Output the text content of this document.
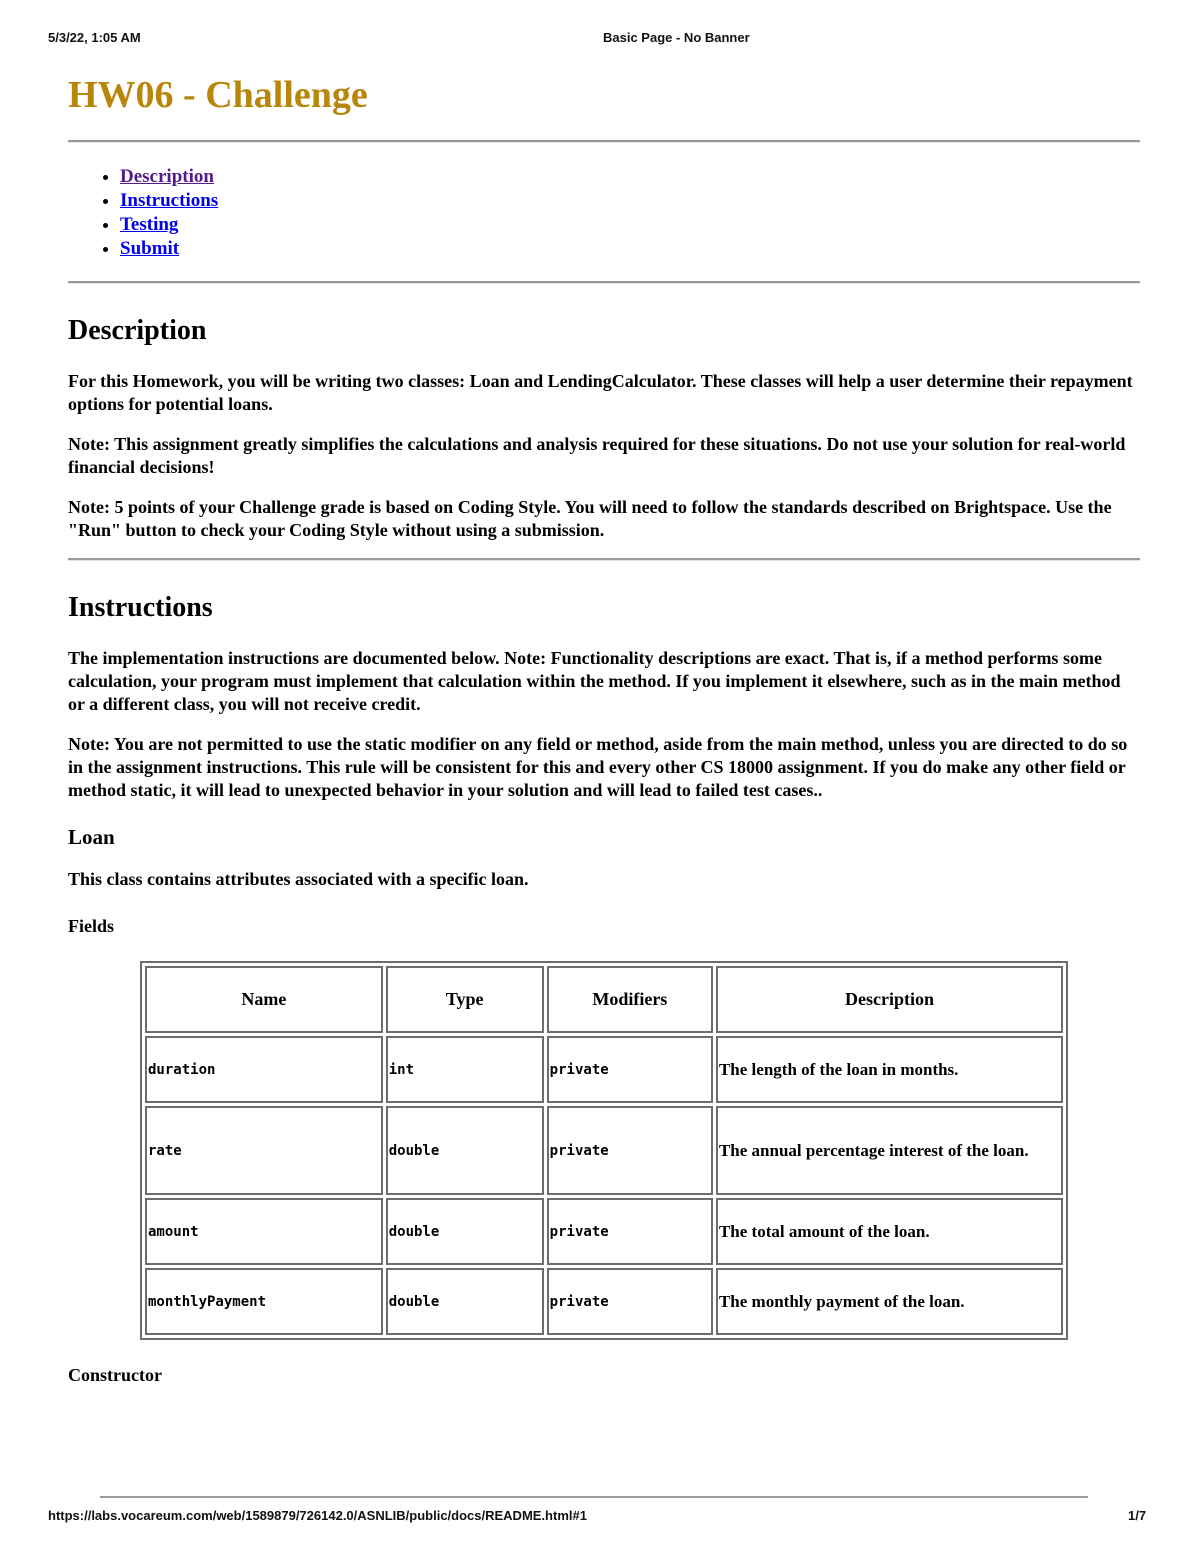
5/3/22, 1:05 AM	Basic Page - No Banner
HW06 - Challenge
• Description
• Instructions
• Testing
• Submit
Description

For this Homework, you will be writing two classes: Loan and LendingCalculator. These classes will help a user determine their repayment options for potential loans.

Note: This assignment greatly simplifies the calculations and analysis required for these situations. Do not use your solution for real-world financial decisions!

Note: 5 points of your Challenge grade is based on Coding Style. You will need to follow the standards described on Brightspace. Use the "Run" button to check your Coding Style without using a submission.

Instructions

The implementation instructions are documented below. Note: Functionality descriptions are exact. That is, if a method performs some calculation, your program must implement that calculation within the method. If you implement it elsewhere, such as in the main method or a different class, you will not receive credit.

Note: You are not permitted to use the static modifier on any field or method, aside from the main method, unless you are directed to do so in the assignment instructions. This rule will be consistent for this and every other CS 18000 assignment. If you do make any other field or method static, it will lead to unexpected behavior in your solution and will lead to failed test cases..

Loan

This class contains attributes associated with a specific loan.

Fields
Name	Type	Modifiers	Description
duration	int	private	The length of the loan in months.
rate	double	private	The annual percentage interest of the loan.
amount	double	private	The total amount of the loan.
monthlyPayment	double	private	The monthly payment of the loan.
Constructor
https://labs.vocareum.com/web/1589879/726142.0/ASNLIB/public/docs/README.html#1	1/7
